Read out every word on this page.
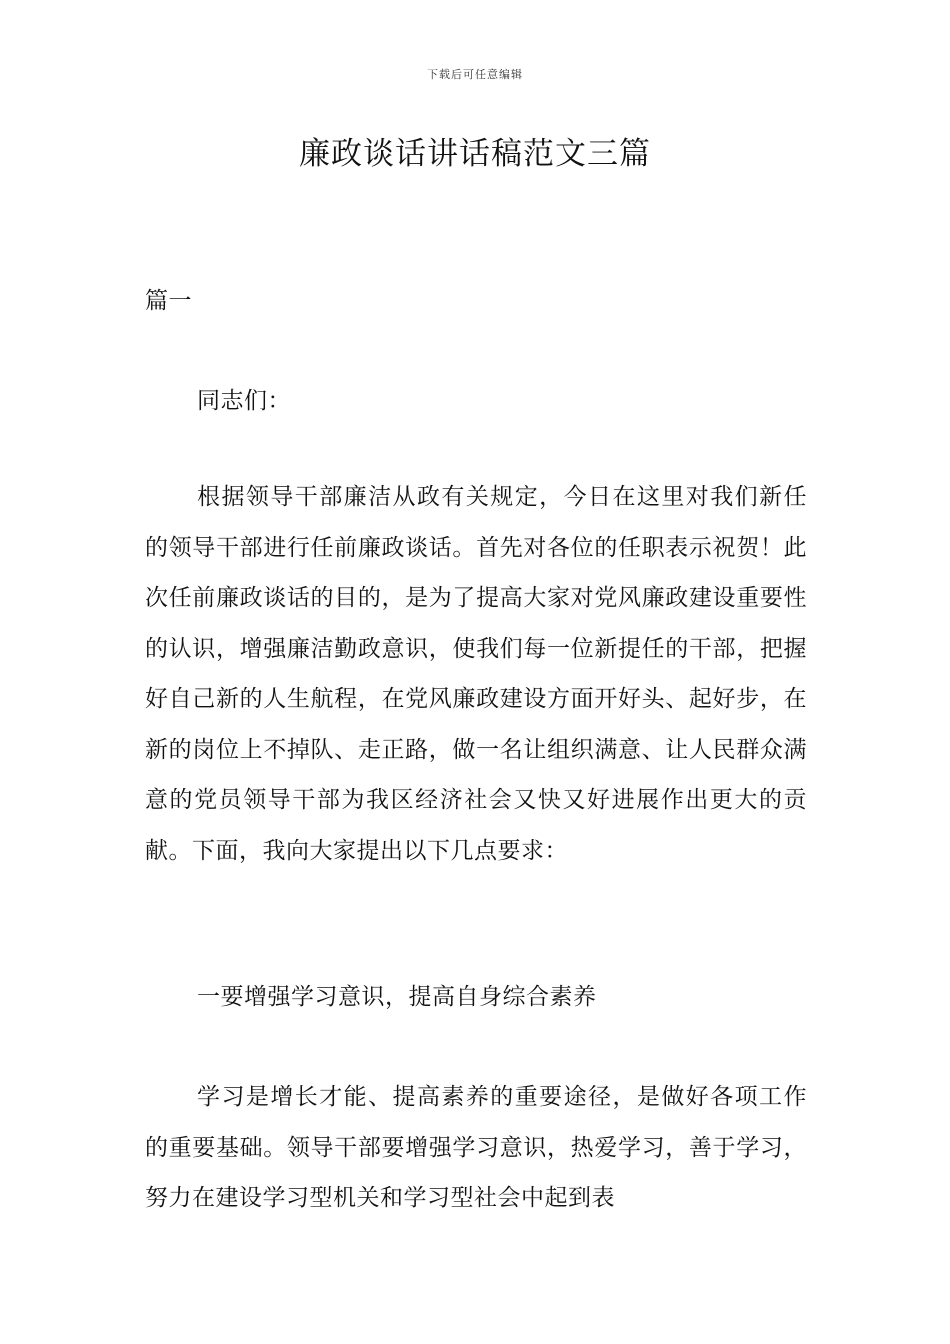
下载后可任意编辑
廉政谈话讲话稿范文三篇

篇一

同志们：

根据领导干部廉洁从政有关规定，今日在这里对我们新任的领导干部进行任前廉政谈话。首先对各位的任职表示祝贺！此次任前廉政谈话的目的，是为了提高大家对党风廉政建设重要性的认识，增强廉洁勤政意识，使我们每一位新提任的干部，把握好自己新的人生航程，在党风廉政建设方面开好头、起好步，在新的岗位上不掉队、走正路，做一名让组织满意、让人民群众满意的党员领导干部为我区经济社会又快又好进展作出更大的贡献。下面，我向大家提出以下几点要求：

一要增强学习意识，提高自身综合素养

学习是增长才能、提高素养的重要途径，是做好各项工作的重要基础。领导干部要增强学习意识，热爱学习，善于学习，努力在建设学习型机关和学习型社会中起到表
